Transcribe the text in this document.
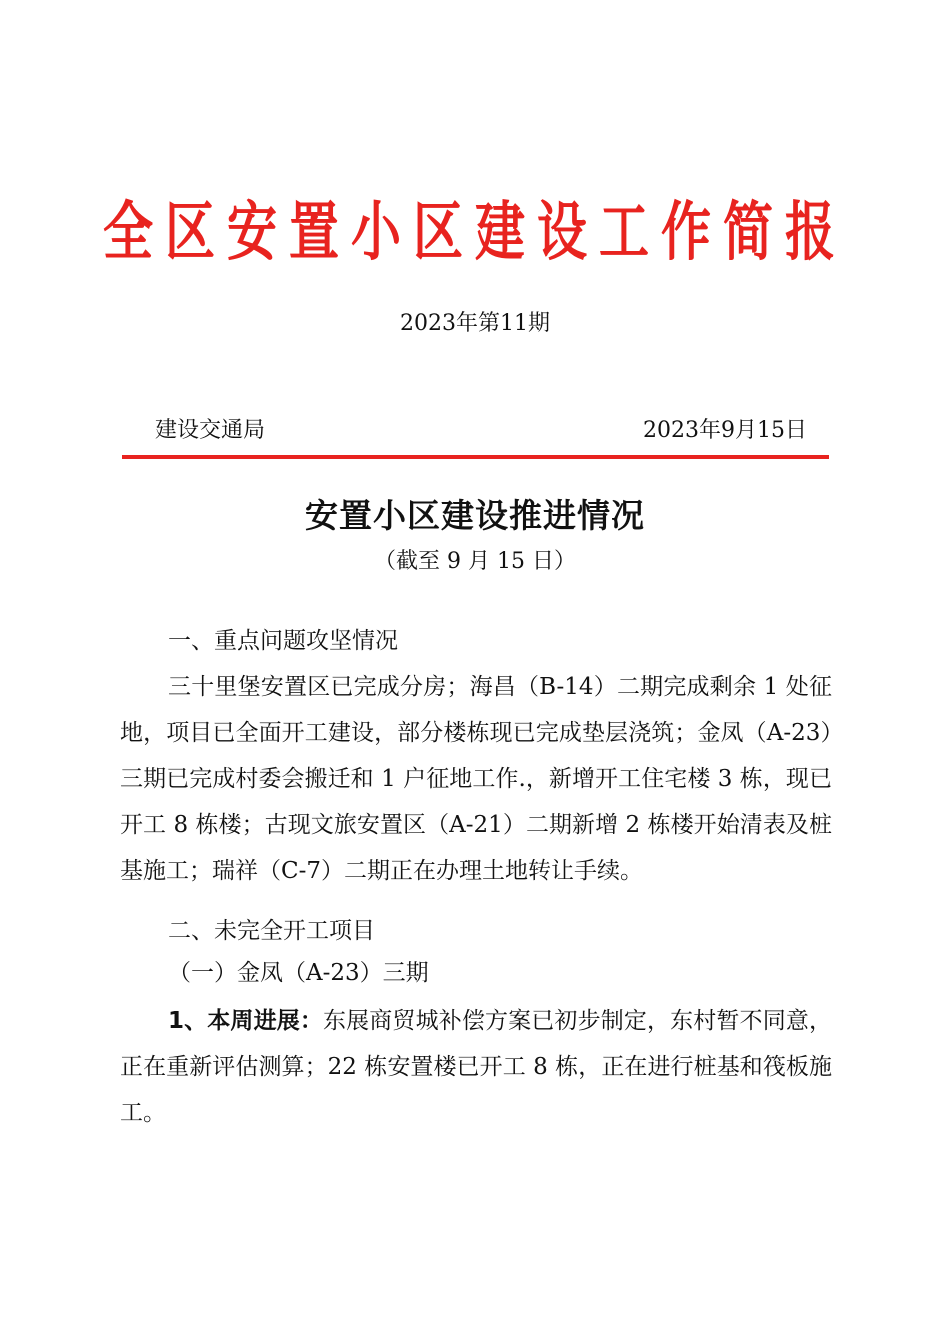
全区安置小区建设工作简报
2023年第11期
建设交通局	2023年9月15日
安置小区建设推进情况
（截至 9 月 15 日）
一、重点问题攻坚情况
三十里堡安置区已完成分房；海昌（B-14）二期完成剩余 1 处征地，项目已全面开工建设，部分楼栋现已完成垫层浇筑；金凤（A-23）三期已完成村委会搬迁和 1 户征地工作.，新增开工住宅楼 3 栋，现已开工 8 栋楼；古现文旅安置区（A-21）二期新增 2 栋楼开始清表及桩基施工；瑞祥（C-7）二期正在办理土地转让手续。
二、未完全开工项目
（一）金凤（A-23）三期
1、本周进展：东展商贸城补偿方案已初步制定，东村暂不同意，正在重新评估测算；22 栋安置楼已开工 8 栋，正在进行桩基和筏板施工。
